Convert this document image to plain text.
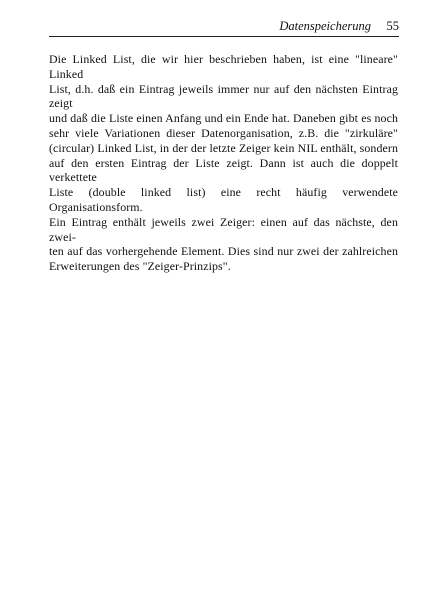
Datenspeicherung 55
Die Linked List, die wir hier beschrieben haben, ist eine "lineare" Linked
List, d.h. daß ein Eintrag jeweils immer nur auf den nächsten Eintrag zeigt
und daß die Liste einen Anfang und ein Ende hat. Daneben gibt es noch
sehr viele Variationen dieser Datenorganisation, z.B. die "zirkuläre"
(circular) Linked List, in der der letzte Zeiger kein NIL enthält, sondern
auf den ersten Eintrag der Liste zeigt. Dann ist auch die doppelt verkettete
Liste (double linked list) eine recht häufig verwendete Organisationsform.
Ein Eintrag enthält jeweils zwei Zeiger: einen auf das nächste, den zwei-
ten auf das vorhergehende Element. Dies sind nur zwei der zahlreichen
Erweiterungen des "Zeiger-Prinzips".
